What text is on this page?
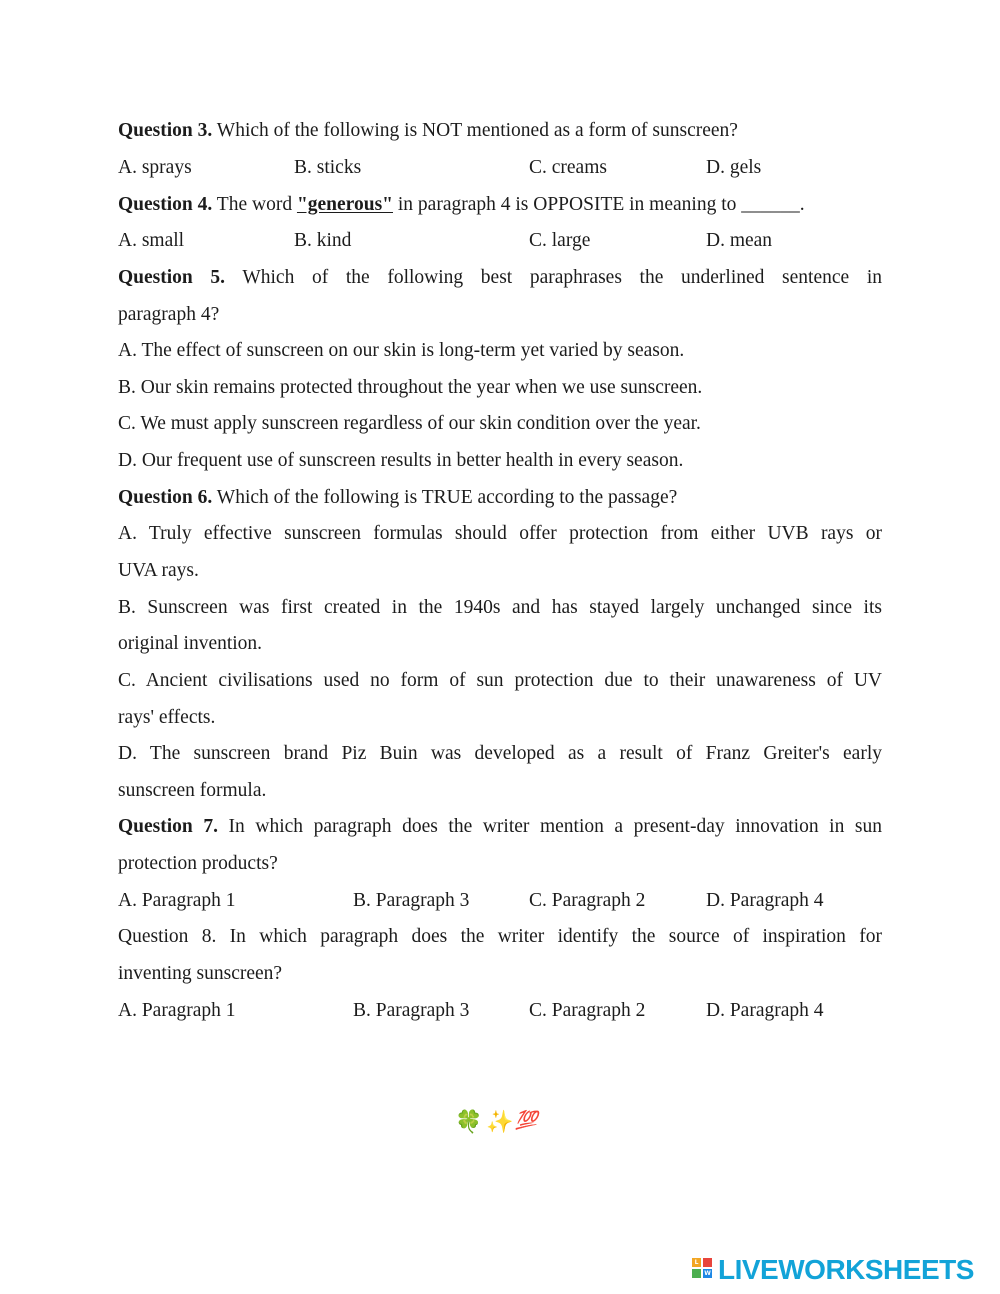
Question 3. Which of the following is NOT mentioned as a form of sunscreen?
A. sprays	B. sticks	C. creams	D. gels
Question 4. The word "generous" in paragraph 4 is OPPOSITE in meaning to ______.
A. small	B. kind	C. large	D. mean
Question 5. Which of the following best paraphrases the underlined sentence in
paragraph 4?
A. The effect of sunscreen on our skin is long-term yet varied by season.
B. Our skin remains protected throughout the year when we use sunscreen.
C. We must apply sunscreen regardless of our skin condition over the year.
D. Our frequent use of sunscreen results in better health in every season.
Question 6. Which of the following is TRUE according to the passage?
A. Truly effective sunscreen formulas should offer protection from either UVB rays or
UVA rays.
B. Sunscreen was first created in the 1940s and has stayed largely unchanged since its
original invention.
C. Ancient civilisations used no form of sun protection due to their unawareness of UV
rays' effects.
D. The sunscreen brand Piz Buin was developed as a result of Franz Greiter's early
sunscreen formula.
Question 7. In which paragraph does the writer mention a present-day innovation in sun
protection products?
A. Paragraph 1	B. Paragraph 3	C. Paragraph 2	D. Paragraph 4
Question 8. In which paragraph does the writer identify the source of inspiration for
inventing sunscreen?
A. Paragraph 1	B. Paragraph 3	C. Paragraph 2	D. Paragraph 4
🍀 ✨ 💯
L
W LIVEWORKSHEETS
